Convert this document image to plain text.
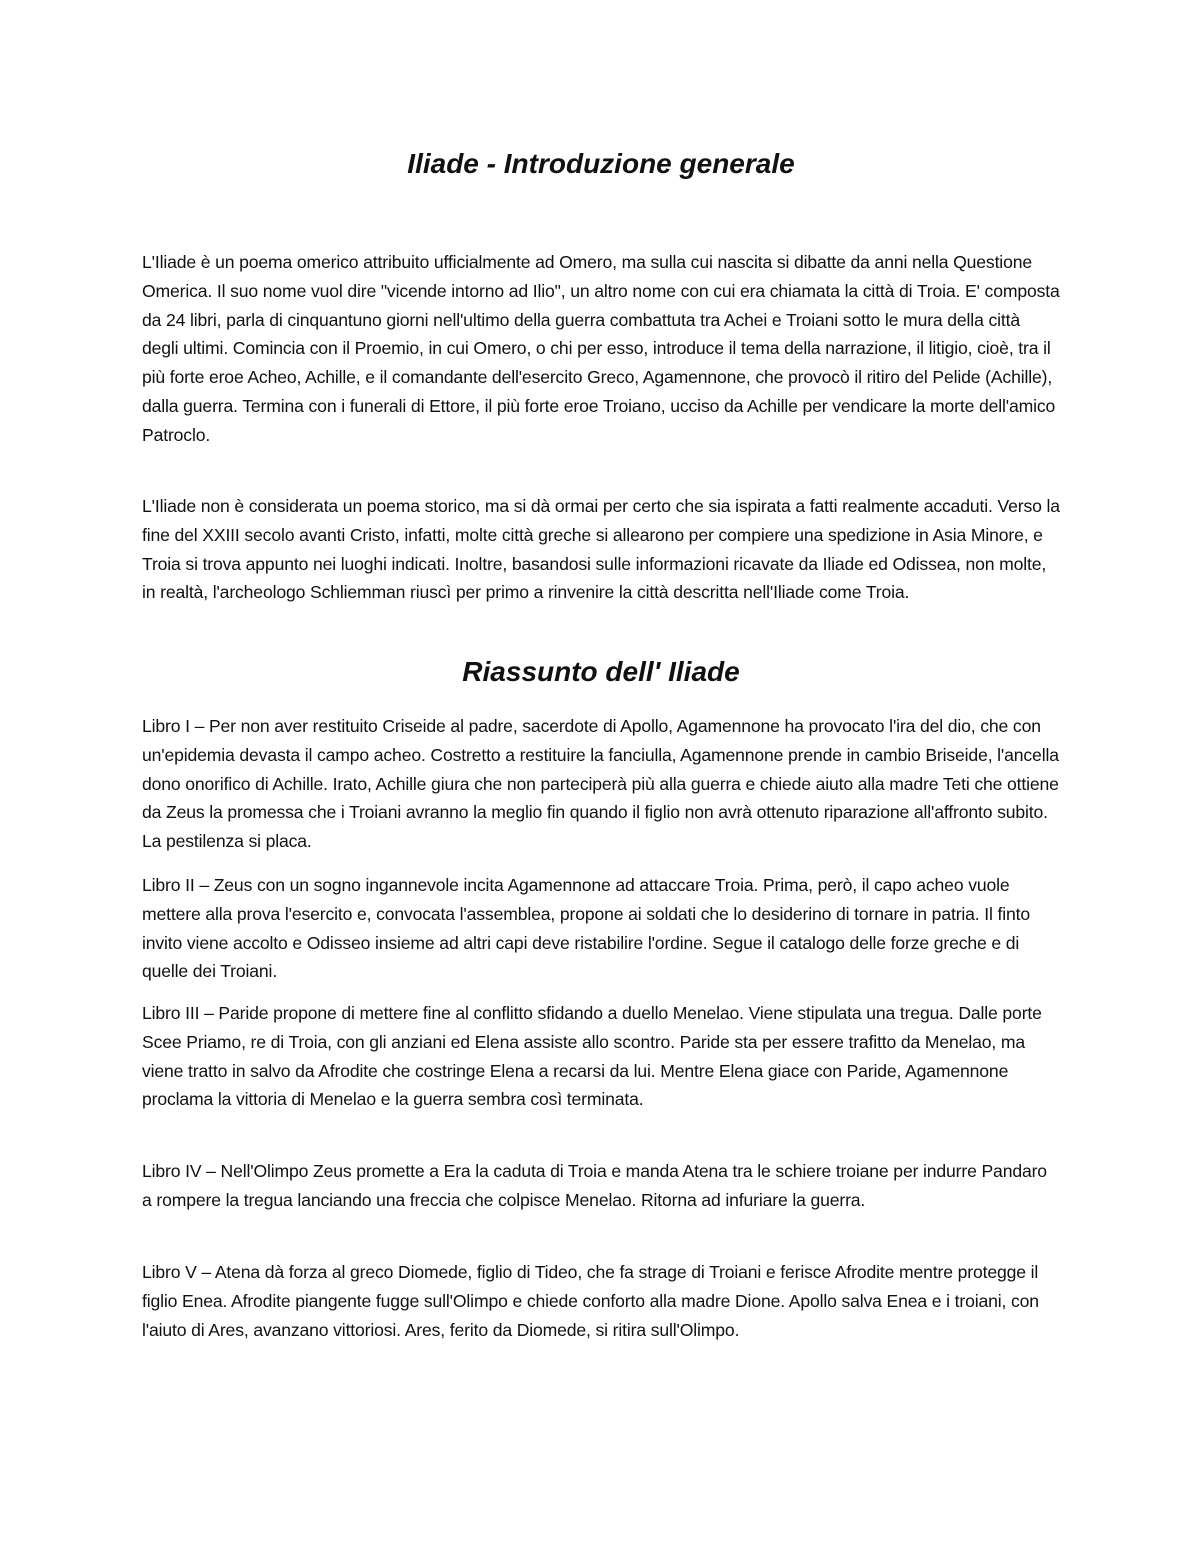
Iliade - Introduzione generale

L'Iliade è un poema omerico attribuito ufficialmente ad Omero, ma sulla cui nascita si dibatte da anni nella Questione Omerica. Il suo nome vuol dire "vicende intorno ad Ilio", un altro nome con cui era chiamata la città di Troia. E' composta da 24 libri, parla di cinquantuno giorni nell'ultimo della guerra combattuta tra Achei e Troiani sotto le mura della città degli ultimi. Comincia con il Proemio, in cui Omero, o chi per esso, introduce il tema della narrazione, il litigio, cioè, tra il più forte eroe Acheo, Achille, e il comandante dell'esercito Greco, Agamennone, che provocò il ritiro del Pelide (Achille), dalla guerra. Termina con i funerali di Ettore, il più forte eroe Troiano, ucciso da Achille per vendicare la morte dell'amico Patroclo.

L'Iliade non è considerata un poema storico, ma si dà ormai per certo che sia ispirata a fatti realmente accaduti. Verso la fine del XXIII secolo avanti Cristo, infatti, molte città greche si allearono per compiere una spedizione in Asia Minore, e Troia si trova appunto nei luoghi indicati. Inoltre, basandosi sulle informazioni ricavate da Iliade ed Odissea, non molte, in realtà, l'archeologo Schliemman riuscì per primo a rinvenire la città descritta nell'Iliade come Troia.

Riassunto dell' Iliade

Libro I – Per non aver restituito Criseide al padre, sacerdote di Apollo, Agamennone ha provocato l'ira del dio, che con un'epidemia devasta il campo acheo. Costretto a restituire la fanciulla, Agamennone prende in cambio Briseide, l'ancella dono onorifico di Achille. Irato, Achille giura che non parteciperà più alla guerra e chiede aiuto alla madre Teti che ottiene da Zeus la promessa che i Troiani avranno la meglio fin quando il figlio non avrà ottenuto riparazione all'affronto subito. La pestilenza si placa.

Libro II – Zeus con un sogno ingannevole incita Agamennone ad attaccare Troia. Prima, però, il capo acheo vuole mettere alla prova l'esercito e, convocata l'assemblea, propone ai soldati che lo desiderino di tornare in patria. Il finto invito viene accolto e Odisseo insieme ad altri capi deve ristabilire l'ordine. Segue il catalogo delle forze greche e di quelle dei Troiani.

Libro III – Paride propone di mettere fine al conflitto sfidando a duello Menelao. Viene stipulata una tregua. Dalle porte Scee Priamo, re di Troia, con gli anziani ed Elena assiste allo scontro. Paride sta per essere trafitto da Menelao, ma viene tratto in salvo da Afrodite che costringe Elena a recarsi da lui. Mentre Elena giace con Paride, Agamennone proclama la vittoria di Menelao e la guerra sembra così terminata.

Libro IV – Nell'Olimpo Zeus promette a Era la caduta di Troia e manda Atena tra le schiere troiane per indurre Pandaro a rompere la tregua lanciando una freccia che colpisce Menelao. Ritorna ad infuriare la guerra.

Libro V – Atena dà forza al greco Diomede, figlio di Tideo, che fa strage di Troiani e ferisce Afrodite mentre protegge il figlio Enea. Afrodite piangente fugge sull'Olimpo e chiede conforto alla madre Dione. Apollo salva Enea e i troiani, con l'aiuto di Ares, avanzano vittoriosi. Ares, ferito da Diomede, si ritira sull'Olimpo.
